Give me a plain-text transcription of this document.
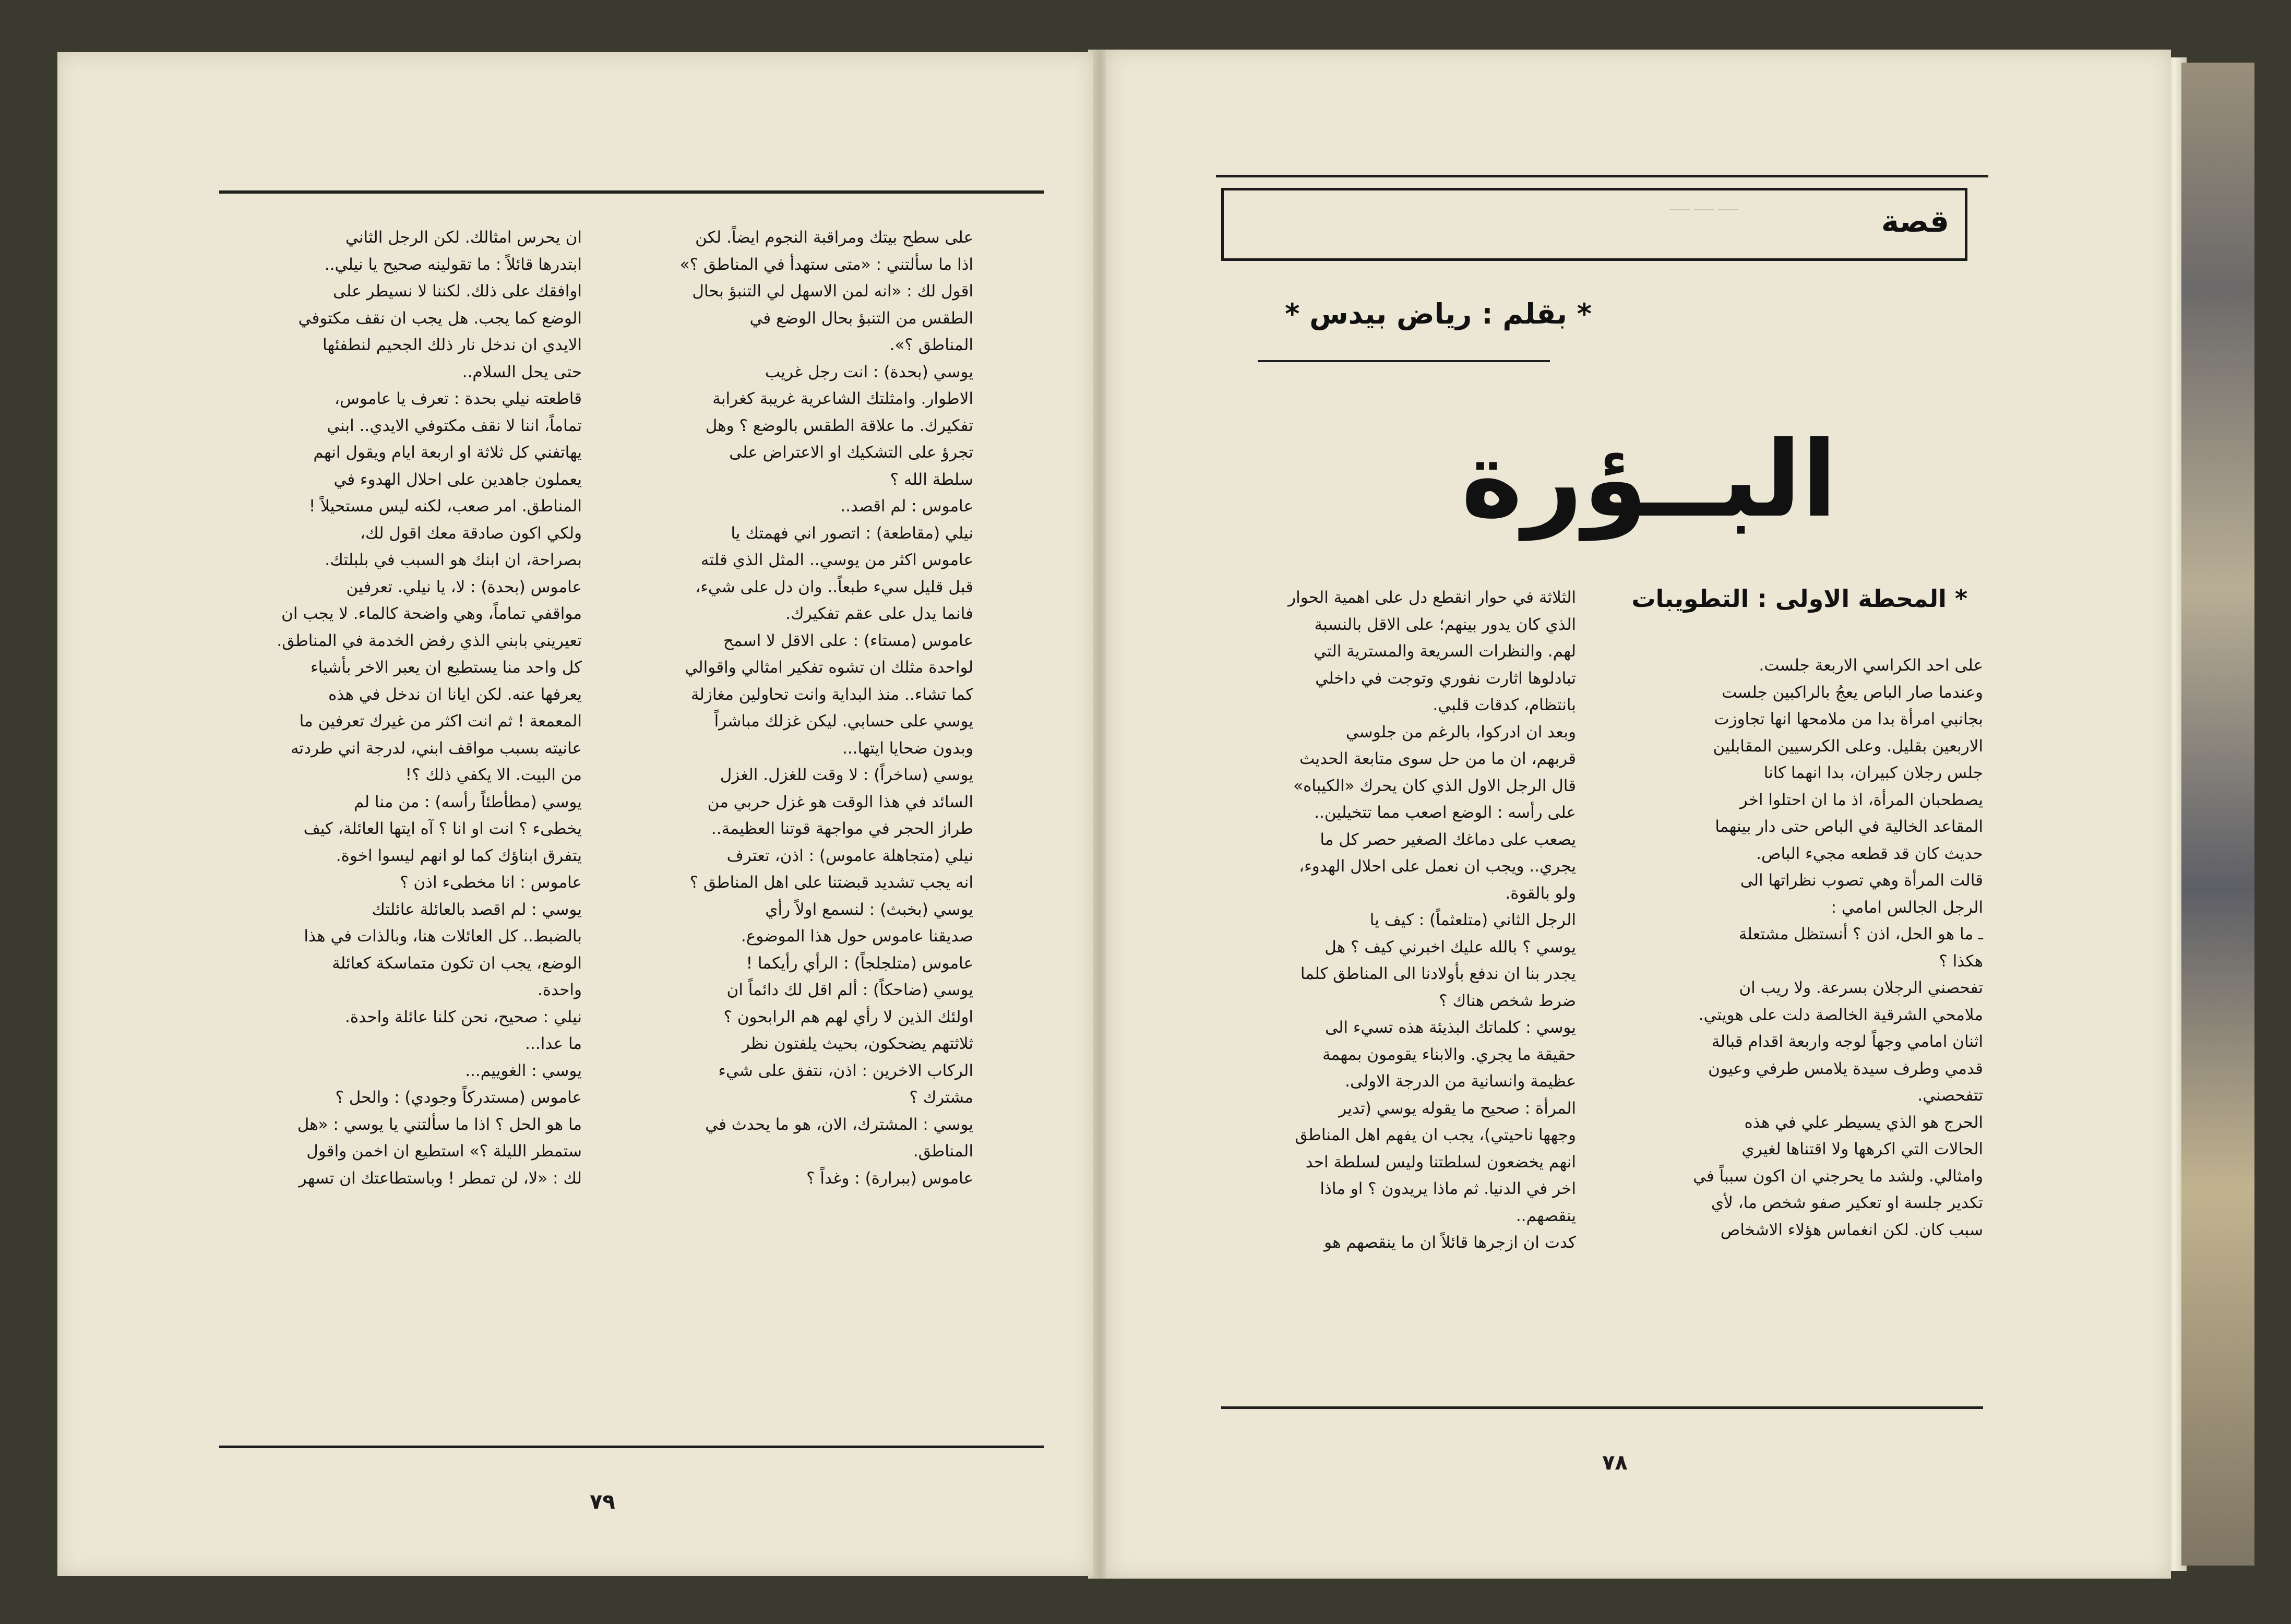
على سطح بيتك ومراقبة النجوم ايضاً. لكن
اذا ما سألتني : «متى ستهدأ في المناطق ؟»
اقول لك : «انه لمن الاسهل لي التنبؤ بحال
الطقس من التنبؤ بحال الوضع في
المناطق ؟».
يوسي (بحدة) : انت رجل غريب
الاطوار. وامثلتك الشاعرية غريبة كغرابة
تفكيرك. ما علاقة الطقس بالوضع ؟ وهل
تجرؤ على التشكيك او الاعتراض على
سلطة الله ؟
عاموس : لم اقصد..
نيلي (مقاطعة) : اتصور اني فهمتك يا
عاموس اكثر من يوسي.. المثل الذي قلته
قبل قليل سيء طبعاً.. وان دل على شيء،
فانما يدل على عقم تفكيرك.
عاموس (مستاء) : على الاقل لا اسمح
لواحدة مثلك ان تشوه تفكير امثالي واقوالي
كما تشاء.. منذ البداية وانت تحاولين مغازلة
يوسي على حسابي. ليكن غزلك مباشراً
وبدون ضحايا ايتها...
يوسي (ساخراً) : لا وقت للغزل. الغزل
السائد في هذا الوقت هو غزل حربي من
طراز الحجر في مواجهة قوتنا العظيمة..
نيلي (متجاهلة عاموس) : اذن، تعترف
انه يجب تشديد قبضتنا على اهل المناطق ؟
يوسي (بخبث) : لنسمع اولاً رأي
صديقنا عاموس حول هذا الموضوع.
عاموس (متلجلجاً) : الرأي رأيكما !
يوسي (ضاحكاً) : ألم اقل لك دائماً ان
اولئك الذين لا رأي لهم هم الرابحون ؟
ثلاثتهم يضحكون، بحيث يلفتون نظر
الركاب الاخرين : اذن، نتفق على شيء
مشترك ؟
يوسي : المشترك، الان، هو ما يحدث في
المناطق.
عاموس (ببرارة) : وغداً ؟
ان يحرس امثالك. لكن الرجل الثاني
ابتدرها قائلاً : ما تقولينه صحيح يا نيلي..
اوافقك على ذلك. لكننا لا نسيطر على
الوضع كما يجب. هل يجب ان نقف مكتوفي
الايدي ان ندخل نار ذلك الجحيم لنطفئها
حتى يحل السلام..
قاطعته نيلي بحدة : تعرف يا عاموس،
تماماً، اننا لا نقف مكتوفي الايدي.. ابني
يهاتفني كل ثلاثة او اربعة ايام ويقول انهم
يعملون جاهدين على احلال الهدوء في
المناطق. امر صعب، لكنه ليس مستحيلاً !
ولكي اكون صادقة معك اقول لك،
بصراحة، ان ابنك هو السبب في بلبلتك.
عاموس (بحدة) : لا، يا نيلي. تعرفين
مواقفي تماماً، وهي واضحة كالماء. لا يجب ان
تعيريني بابني الذي رفض الخدمة في المناطق.
كل واحد منا يستطيع ان يعبر الاخر بأشياء
يعرفها عنه. لكن ايانا ان ندخل في هذه
المعمعة ! ثم انت اكثر من غيرك تعرفين ما
عانيته بسبب مواقف ابني، لدرجة اني طردته
من البيت. الا يكفي ذلك ؟!
يوسي (مطأطئاً رأسه) : من منا لم
يخطىء ؟ انت او انا ؟ آه ايتها العائلة، كيف
يتفرق ابناؤك كما لو انهم ليسوا اخوة.
عاموس : انا مخطىء اذن ؟
يوسي : لم اقصد بالعائلة عائلتك
بالضبط.. كل العائلات هنا، وبالذات في هذا
الوضع، يجب ان تكون متماسكة كعائلة
واحدة.
نيلي : صحيح، نحن كلنا عائلة واحدة.
ما عدا...
يوسي : الغوييم...
عاموس (مستدركاً وجودي) : والحل ؟
ما هو الحل ؟ اذا ما سألتني يا يوسي : «هل
ستمطر الليلة ؟» استطيع ان اخمن واقول
لك : «لا، لن تمطر ! وباستطاعتك ان تسهر
٧٩
ـــــ ـــــ ـــــ	قصة
* بقلم : رياض بيدس *
البــؤرة
* المحطة الاولى : التطويبات
على احد الكراسي الاربعة جلست.
وعندما صار الباص يعجُ بالراكبين جلست
بجانبي امرأة بدا من ملامحها انها تجاوزت
الاربعين بقليل. وعلى الكرسيين المقابلين
جلس رجلان كبيران، بدا انهما كانا
يصطحبان المرأة، اذ ما ان احتلوا اخر
المقاعد الخالية في الباص حتى دار بينهما
حديث كان قد قطعه مجيء الباص.
قالت المرأة وهي تصوب نظراتها الى
الرجل الجالس امامي :
ـ ما هو الحل، اذن ؟ أنستظل مشتعلة
هكذا ؟
تفحصني الرجلان بسرعة. ولا ريب ان
ملامحي الشرقية الخالصة دلت على هويتي.
اثنان امامي وجهاً لوجه واربعة اقدام قبالة
قدمي وطرف سيدة يلامس طرفي وعيون
تتفحصني.
الحرج هو الذي يسيطر علي في هذه
الحالات التي اكرهها ولا اقتناها لغيري
وامثالي. ولشد ما يحرجني ان اكون سبباً في
تكدير جلسة او تعكير صفو شخص ما، لأي
سبب كان. لكن انغماس هؤلاء الاشخاص
الثلاثة في حوار انقطع دل على اهمية الحوار
الذي كان يدور بينهم؛ على الاقل بالنسبة
لهم. والنظرات السريعة والمسترية التي
تبادلوها اثارت نفوري وتوجت في داخلي
بانتظام، كدقات قلبي.
وبعد ان ادركوا، بالرغم من جلوسي
قربهم، ان ما من حل سوى متابعة الحديث
قال الرجل الاول الذي كان يحرك «الكيباه»
على رأسه : الوضع اصعب مما تتخيلين..
يصعب على دماغك الصغير حصر كل ما
يجري.. ويجب ان نعمل على احلال الهدوء،
ولو بالقوة.
الرجل الثاني (متلعثماً) : كيف يا
يوسي ؟ بالله عليك اخبرني كيف ؟ هل
يجدر بنا ان ندفع بأولادنا الى المناطق كلما
ضرط شخص هناك ؟
يوسي : كلماتك البذيئة هذه تسيء الى
حقيقة ما يجري. والابناء يقومون بمهمة
عظيمة وانسانية من الدرجة الاولى.
المرأة : صحيح ما يقوله يوسي (تدير
وجهها ناحيتي)، يجب ان يفهم اهل المناطق
انهم يخضعون لسلطتنا وليس لسلطة احد
اخر في الدنيا. ثم ماذا يريدون ؟ او ماذا
ينقصهم..
كدت ان ازجرها قائلاً ان ما ينقصهم هو
٧٨
